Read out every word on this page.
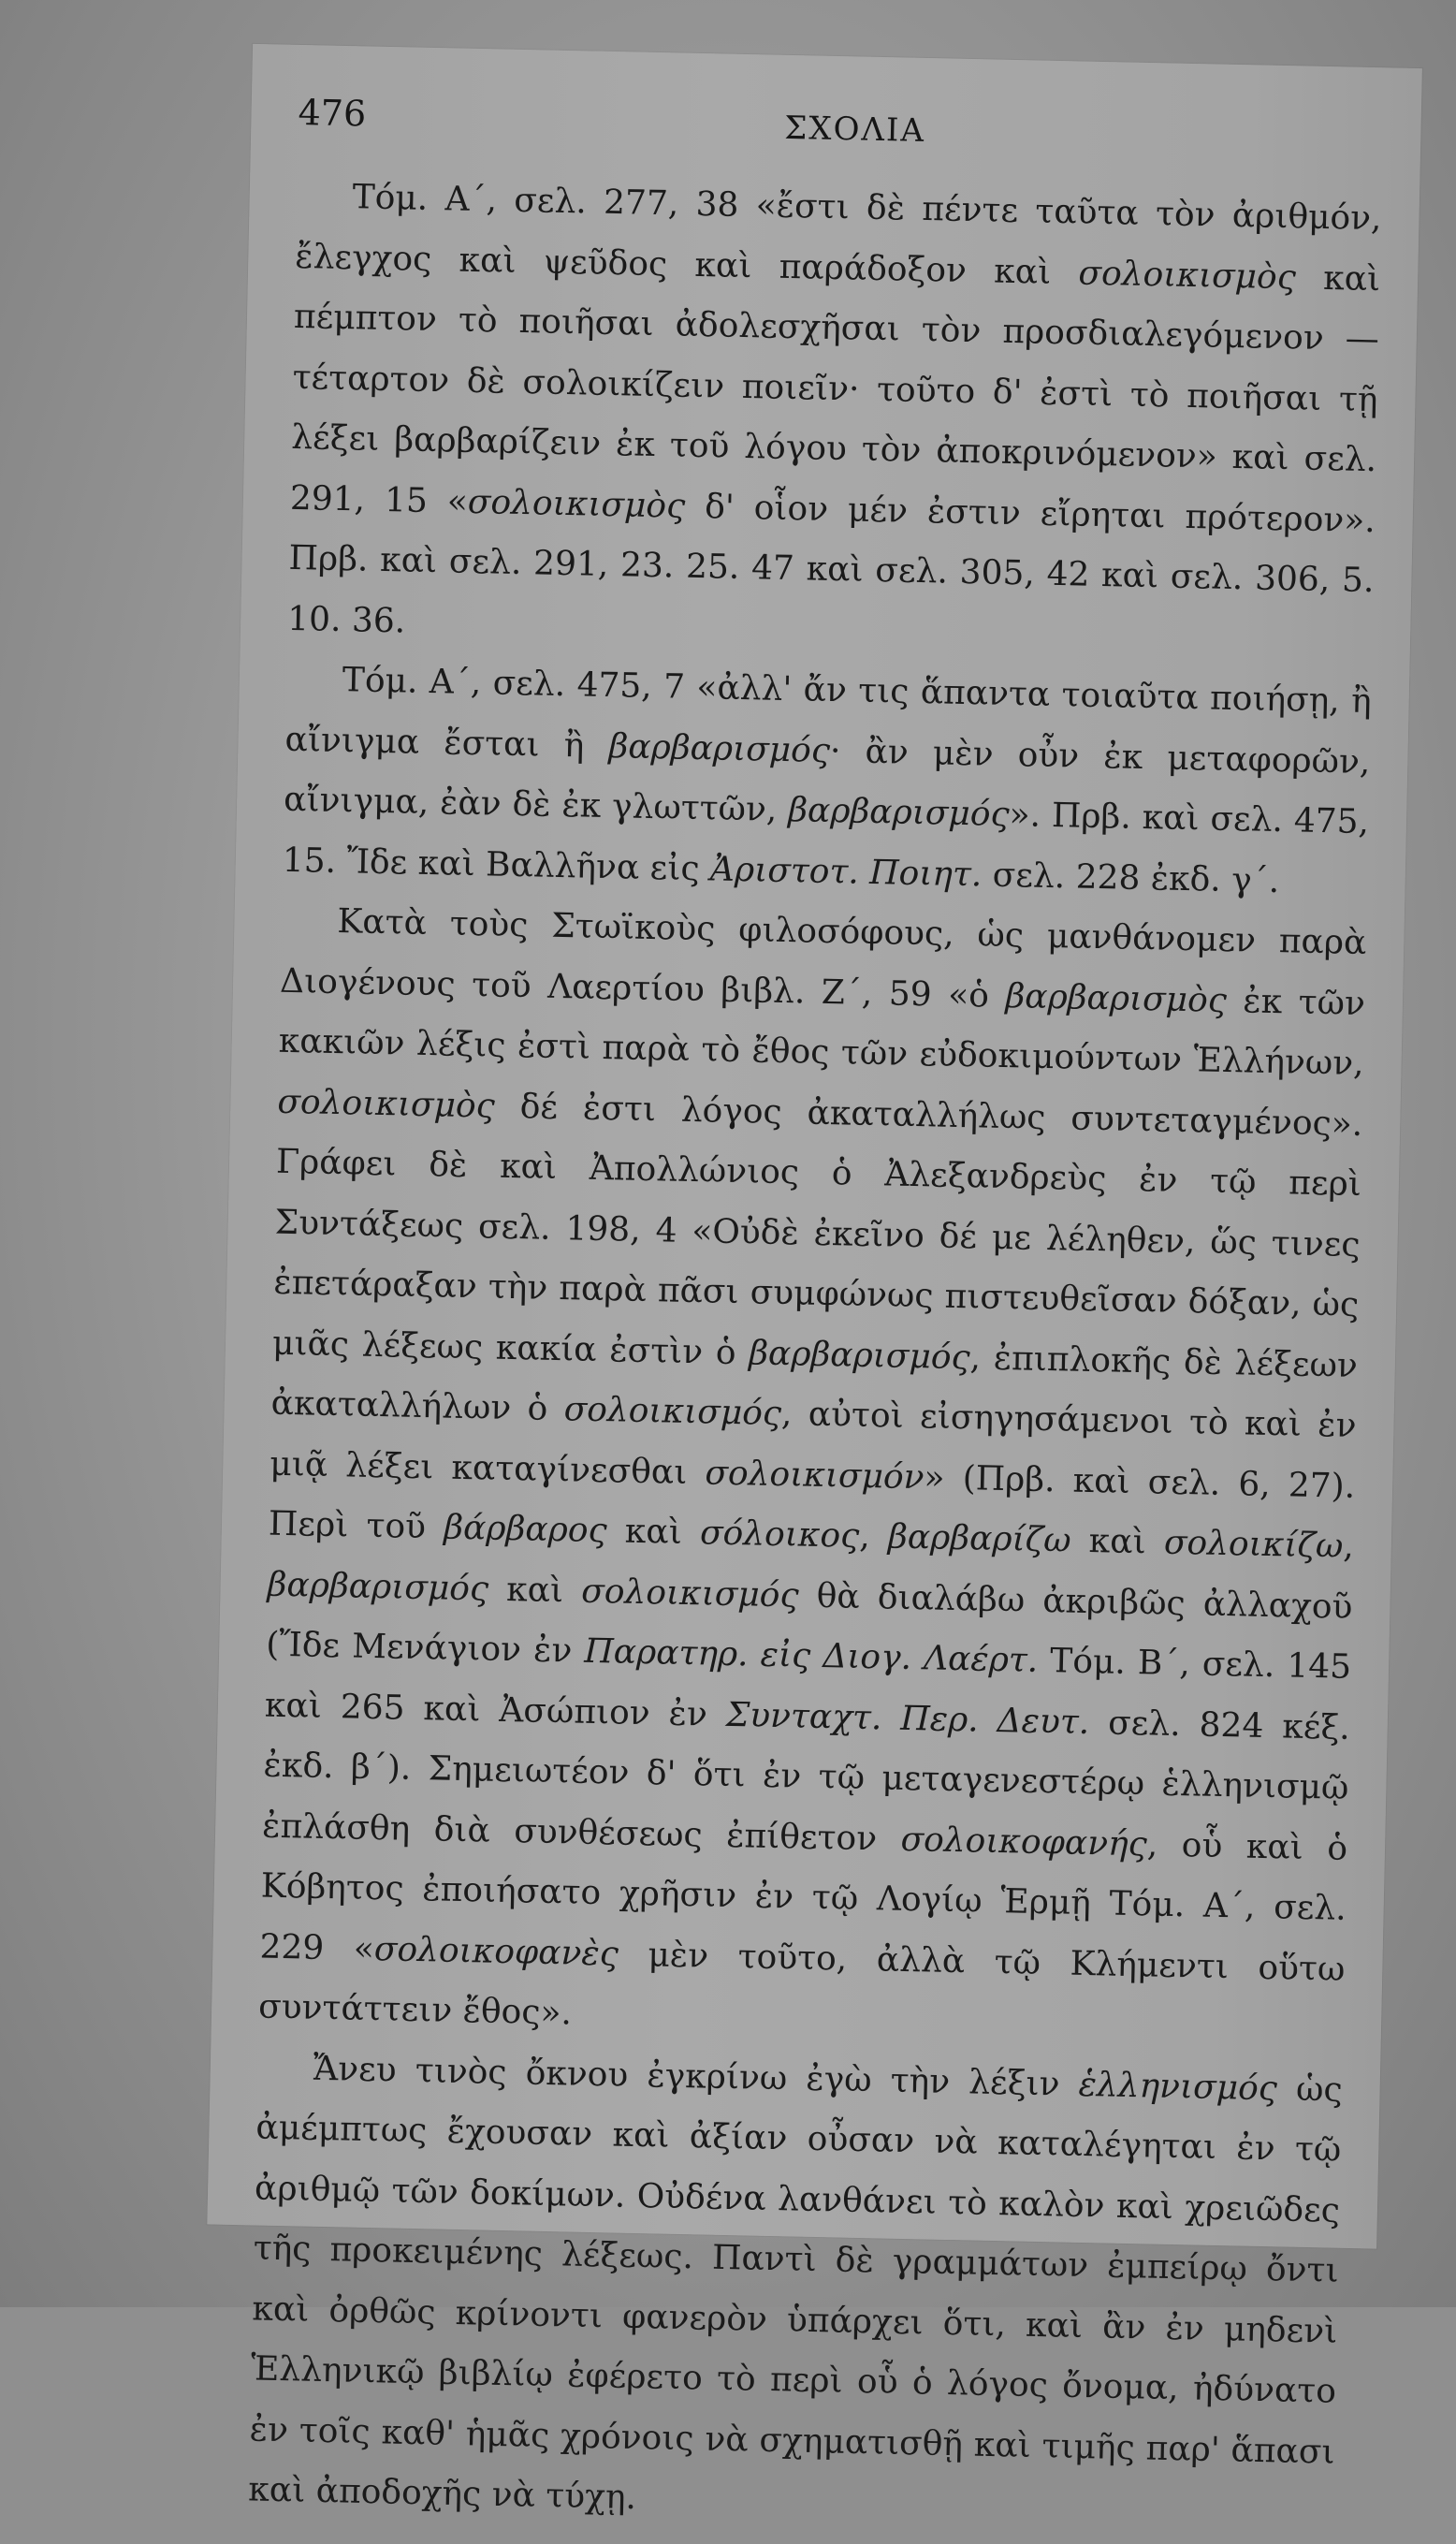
476	ΣΧΟΛΙΑ

Τόμ. Α΄, σελ. 277, 38 «ἔστι δὲ πέντε ταῦτα τὸν ἀριθμόν, ἔλεγχος καὶ ψεῦδος καὶ παράδοξον καὶ σολοικισμὸς καὶ πέμπτον τὸ ποιῆσαι ἀδολεσχῆσαι τὸν προσδιαλεγόμενον — τέταρτον δὲ σολοικίζειν ποιεῖν· τοῦτο δ' ἐστὶ τὸ ποιῆσαι τῇ λέξει βαρβαρίζειν ἐκ τοῦ λόγου τὸν ἀποκρινόμενον» καὶ σελ. 291, 15 «σολοικισμὸς δ' οἷον μέν ἐστιν εἴρηται πρότερον». Πρβ. καὶ σελ. 291, 23. 25. 47 καὶ σελ. 305, 42 καὶ σελ. 306, 5. 10. 36.

Τόμ. Α΄, σελ. 475, 7 «ἀλλ' ἄν τις ἅπαντα τοιαῦτα ποιήσῃ, ἢ αἴνιγμα ἔσται ἢ βαρβαρισμός· ἂν μὲν οὖν ἐκ μεταφορῶν, αἴνιγμα, ἐὰν δὲ ἐκ γλωττῶν, βαρβαρισμός». Πρβ. καὶ σελ. 475, 15. Ἴδε καὶ Βαλλῆνα εἰς Ἀριστοτ. Ποιητ. σελ. 228 ἐκδ. γ΄.

Κατὰ τοὺς Στωϊκοὺς φιλοσόφους, ὡς μανθάνομεν παρὰ Διογένους τοῦ Λαερτίου βιβλ. Ζ΄, 59 «ὁ βαρβαρισμὸς ἐκ τῶν κακιῶν λέξις ἐστὶ παρὰ τὸ ἔθος τῶν εὐδοκιμούντων Ἑλλήνων, σολοικισμὸς δέ ἐστι λόγος ἀκαταλλήλως συντεταγμένος». Γράφει δὲ καὶ Ἀπολλώνιος ὁ Ἀλεξανδρεὺς ἐν τῷ περὶ Συντάξεως σελ. 198, 4 «Οὐδὲ ἐκεῖνο δέ με λέληθεν, ὥς τινες ἐπετάραξαν τὴν παρὰ πᾶσι συμφώνως πιστευθεῖσαν δόξαν, ὡς μιᾶς λέξεως κακία ἐστὶν ὁ βαρβαρισμός, ἐπιπλοκῆς δὲ λέξεων ἀκαταλλήλων ὁ σολοικισμός, αὐτοὶ εἰσηγησάμενοι τὸ καὶ ἐν μιᾷ λέξει καταγίνεσθαι σολοικισμόν» (Πρβ. καὶ σελ. 6, 27). Περὶ τοῦ βάρβαρος καὶ σόλοικος, βαρβαρίζω καὶ σολοικίζω, βαρβαρισμός καὶ σολοικισμός θὰ διαλάβω ἀκριβῶς ἀλλαχοῦ (Ἴδε Μενάγιον ἐν Παρατηρ. εἰς Διογ. Λαέρτ. Τόμ. Β΄, σελ. 145 καὶ 265 καὶ Ἀσώπιον ἐν Συνταχτ. Περ. Δευτ. σελ. 824 κέξ. ἐκδ. β΄). Σημειωτέον δ' ὅτι ἐν τῷ μεταγενεστέρῳ ἑλληνισμῷ ἐπλάσθη διὰ συνθέσεως ἐπίθετον σολοικοφανής, οὗ καὶ ὁ Κόβητος ἐποιήσατο χρῆσιν ἐν τῷ Λογίῳ Ἑρμῇ Τόμ. Α΄, σελ. 229 «σολοικοφανὲς μὲν τοῦτο, ἀλλὰ τῷ Κλήμεντι οὕτω συντάττειν ἔθος».

Ἄνευ τινὸς ὄκνου ἐγκρίνω ἐγὼ τὴν λέξιν ἑλληνισμός ὡς ἀμέμπτως ἔχουσαν καὶ ἀξίαν οὖσαν νὰ καταλέγηται ἐν τῷ ἀριθμῷ τῶν δοκίμων. Οὐδένα λανθάνει τὸ καλὸν καὶ χρειῶδες τῆς προκειμένης λέξεως. Παντὶ δὲ γραμμάτων ἐμπείρῳ ὄντι καὶ ὀρθῶς κρίνοντι φανερὸν ὑπάρχει ὅτι, καὶ ἂν ἐν μηδενὶ Ἑλληνικῷ βιβλίῳ ἐφέρετο τὸ περὶ οὗ ὁ λόγος ὄνομα, ἠδύνατο ἐν τοῖς καθ' ἡμᾶς χρόνοις νὰ σχηματισθῇ καὶ τιμῆς παρ' ἅπασι καὶ ἀποδοχῆς νὰ τύχῃ.
